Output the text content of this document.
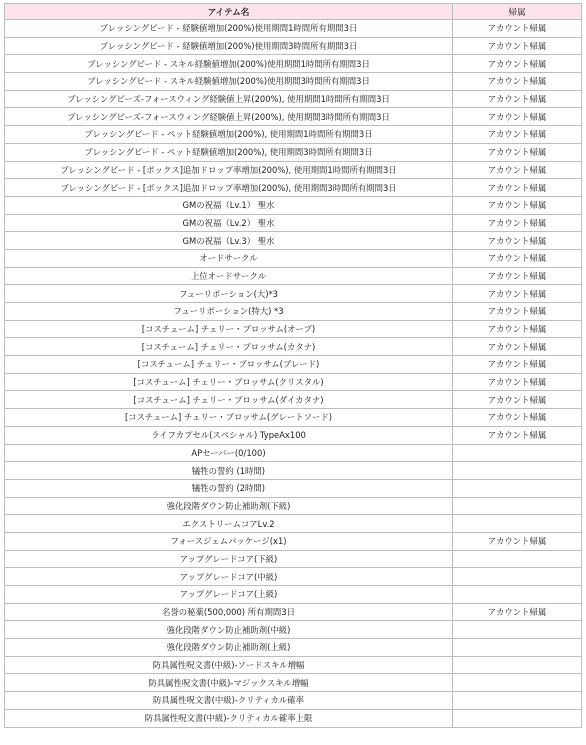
アイテム名	帰属
ブレッシングビード - 経験値増加(200%)使用期間1時間所有期間3日	アカウント帰属
ブレッシングビード - 経験値増加(200%)使用期間3時間所有期間3日	アカウント帰属
ブレッシングビード - スキル経験値増加(200%)使用期間1時間所有期間3日	アカウント帰属
ブレッシングビード - スキル経験値増加(200%)使用期間3時間所有期間3日	アカウント帰属
ブレッシングビーズ-フォースウィング経験値上昇(200%), 使用期間1時間所有期間3日	アカウント帰属
ブレッシングビーズ-フォースウィング経験値上昇(200%), 使用期間3時間所有期間3日	アカウント帰属
ブレッシングビード - ペット経験値増加(200%), 使用期間1時間所有期間3日	アカウント帰属
ブレッシングビード - ペット経験値増加(200%), 使用期間3時間所有期間3日	アカウント帰属
ブレッシングビード - [ボックス]追加ドロップ率増加(200%), 使用期間1時間所有期間3日	アカウント帰属
ブレッシングビード - [ボックス]追加ドロップ率増加(200%), 使用期間3時間所有期間3日	アカウント帰属
GMの祝福（Lv.1） 聖水	アカウント帰属
GMの祝福（Lv.2） 聖水	アカウント帰属
GMの祝福（Lv.3） 聖水	アカウント帰属
オードサークル	アカウント帰属
上位オードサークル	アカウント帰属
フューリポーション(大)*3	アカウント帰属
フューリポーション(特大) *3	アカウント帰属
[コスチューム] チェリー・ブロッサム(オーブ)	アカウント帰属
[コスチューム] チェリー・ブロッサム(カタナ)	アカウント帰属
[コスチューム] チェリー・ブロッサム(ブレード)	アカウント帰属
[コスチューム] チェリー・ブロッサム(クリスタル)	アカウント帰属
[コスチューム] チェリー・ブロッサム(ダイカタナ)	アカウント帰属
[コスチューム] チェリー・ブロッサム(グレートソード)	アカウント帰属
ライフカプセル(スペシャル) TypeAx100	アカウント帰属
APセーバー(0/100)	
犠牲の誓約 (1時間)	
犠牲の誓約 (2時間)	
強化段階ダウン防止補助剤(下級)	
エクストリームコアLv.2	
フォースジェムパッケージ(x1)	アカウント帰属
アップグレードコア(下級)	
アップグレードコア(中級)	
アップグレードコア(上級)	
名誉の秘薬(500,000) 所有期間3日	アカウント帰属
強化段階ダウン防止補助剤(中級)	
強化段階ダウン防止補助剤(上級)	
防具属性呪文書(中級)-ソードスキル増幅	
防具属性呪文書(中級)-マジックスキル増幅	
防具属性呪文書(中級)-クリティカル確率	
防具属性呪文書(中級)-クリティカル確率上限	
